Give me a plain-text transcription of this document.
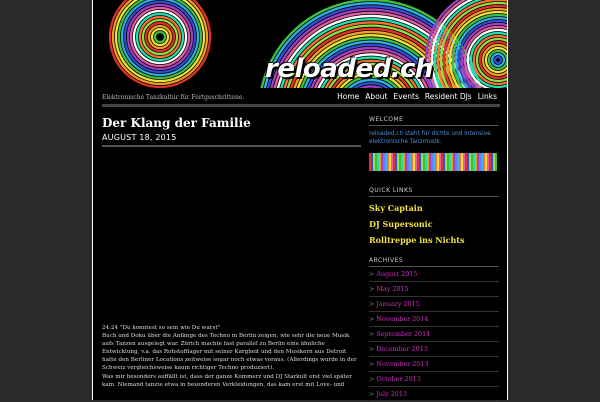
reloaded.ch
Elektronische Tanzkultur für Fortgeschrittene.	Home About Events Resident DJs Links
Der Klang der Familie
AUGUST 18, 2015
24:24 "Du konntest so sein wie Du warst"
Buch und Doku über die Anfänge des Techno in Berlin zeigen, wie sehr die neue Musik
aufs Tanzen ausgelegt war. Zürich machte fast parallel zu Berlin eine ähnliche
Entwicklung, v.a. das Rohstofflager mit seiner Kargheit und den Musikern aus Detroit
hatte den Berliner Locations zeitweise sogar noch etwas voraus. (Allerdings wurde in der
Schweiz vergleichsweise kaum richtiger Techno produziert).
Was mir besonders auffällt ist, dass der ganze Kommerz und DJ Starkult erst viel später
kam. Niemand tanzte etwa in besonderen Verkleidungen, das kam erst mit Love- und
WELCOME
reloaded.ch steht für dichte und intensive elektronische Tanzmusik.
QUICK LINKS
Sky Captain
DJ Supersonic
Rolltreppe ins Nichts
ARCHIVES
> August 2015
> May 2015
> January 2015
> November 2014
> September 2014
> December 2013
> November 2013
> October 2013
> July 2013
